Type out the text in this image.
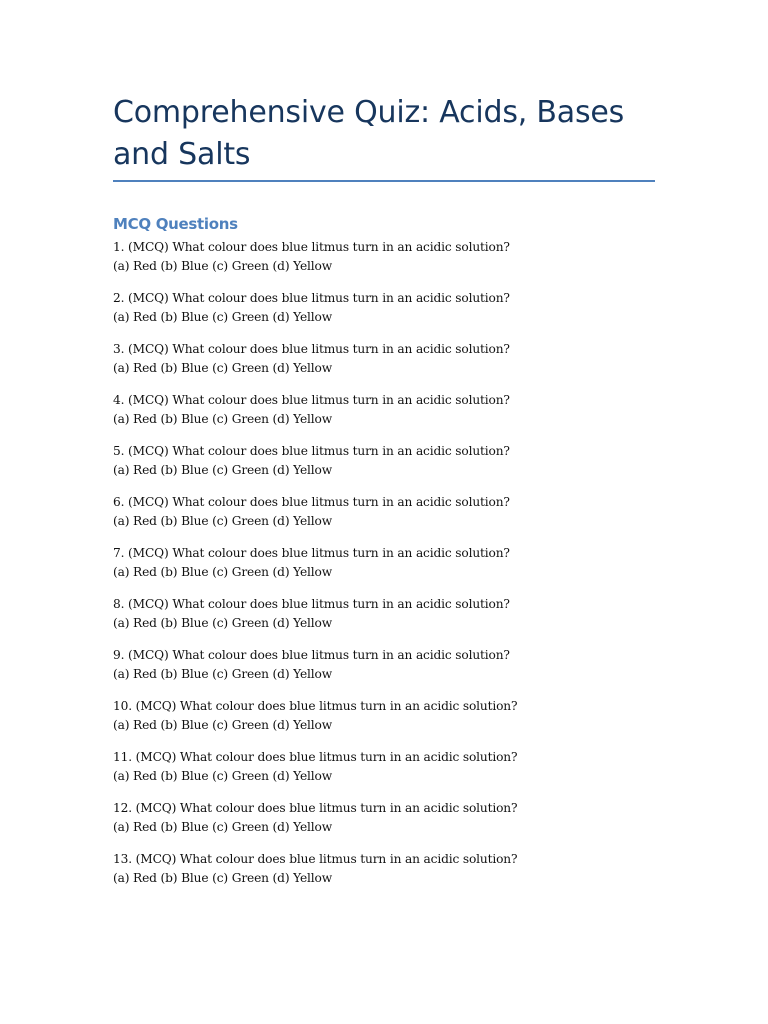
Comprehensive Quiz: Acids, Bases and Salts
MCQ Questions
1. (MCQ) What colour does blue litmus turn in an acidic solution?
(a) Red (b) Blue (c) Green (d) Yellow
2. (MCQ) What colour does blue litmus turn in an acidic solution?
(a) Red (b) Blue (c) Green (d) Yellow
3. (MCQ) What colour does blue litmus turn in an acidic solution?
(a) Red (b) Blue (c) Green (d) Yellow
4. (MCQ) What colour does blue litmus turn in an acidic solution?
(a) Red (b) Blue (c) Green (d) Yellow
5. (MCQ) What colour does blue litmus turn in an acidic solution?
(a) Red (b) Blue (c) Green (d) Yellow
6. (MCQ) What colour does blue litmus turn in an acidic solution?
(a) Red (b) Blue (c) Green (d) Yellow
7. (MCQ) What colour does blue litmus turn in an acidic solution?
(a) Red (b) Blue (c) Green (d) Yellow
8. (MCQ) What colour does blue litmus turn in an acidic solution?
(a) Red (b) Blue (c) Green (d) Yellow
9. (MCQ) What colour does blue litmus turn in an acidic solution?
(a) Red (b) Blue (c) Green (d) Yellow
10. (MCQ) What colour does blue litmus turn in an acidic solution?
(a) Red (b) Blue (c) Green (d) Yellow
11. (MCQ) What colour does blue litmus turn in an acidic solution?
(a) Red (b) Blue (c) Green (d) Yellow
12. (MCQ) What colour does blue litmus turn in an acidic solution?
(a) Red (b) Blue (c) Green (d) Yellow
13. (MCQ) What colour does blue litmus turn in an acidic solution?
(a) Red (b) Blue (c) Green (d) Yellow
